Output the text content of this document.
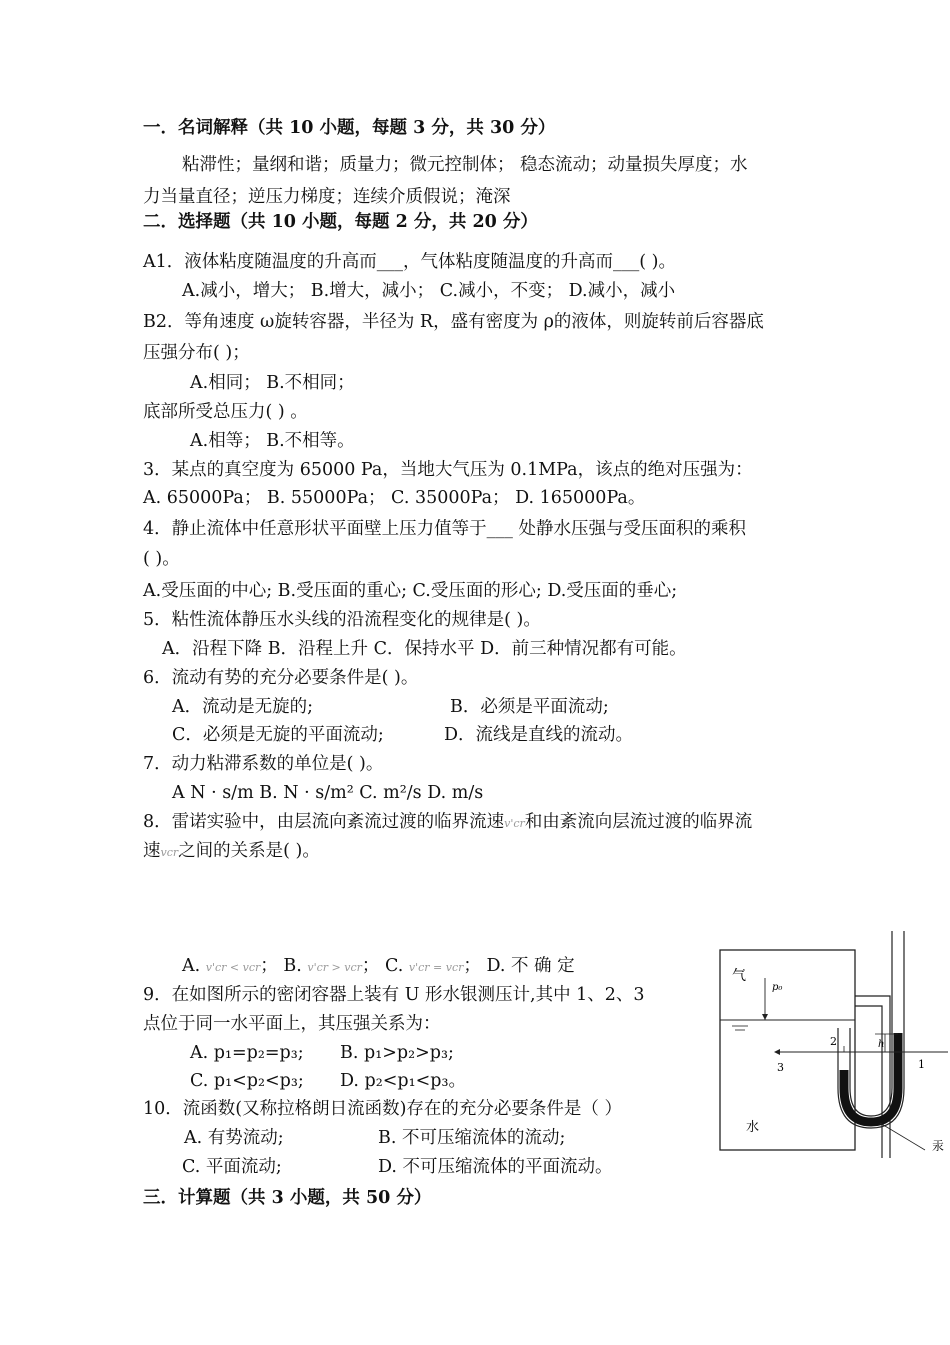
一．名词解释（共 10 小题，每题 3 分，共 30 分）
粘滞性；量纲和谐；质量力；微元控制体； 稳态流动；动量损失厚度；水
力当量直径；逆压力梯度；连续介质假说；淹深
二．选择题（共 10 小题，每题 2 分，共 20 分）
A1．液体粘度随温度的升高而___，气体粘度随温度的升高而___( )。
A.减小，增大； B.增大，减小； C.减小，不变； D.减小，减小
B2．等角速度 ω旋转容器，半径为 R，盛有密度为 ρ的液体，则旋转前后容器底
压强分布( )；
A.相同； B.不相同；
底部所受总压力( ) 。
A.相等； B.不相等。
3．某点的真空度为 65000 Pa，当地大气压为 0.1MPa，该点的绝对压强为：
A. 65000Pa； B. 55000Pa； C. 35000Pa； D. 165000Pa。
4．静止流体中任意形状平面壁上压力值等于___ 处静水压强与受压面积的乘积
( )。
A.受压面的中心; B.受压面的重心; C.受压面的形心; D.受压面的垂心;
5．粘性流体静压水头线的沿流程变化的规律是( )。
A．沿程下降 B．沿程上升 C．保持水平 D．前三种情况都有可能。
6．流动有势的充分必要条件是( )。
A．流动是无旋的;	B．必须是平面流动;
C．必须是无旋的平面流动;	D．流线是直线的流动。
7．动力粘滞系数的单位是( )。
A N · s/m B. N · s/m² C. m²/s D. m/s
8．雷诺实验中，由层流向紊流过渡的临界流速v'cr和由紊流向层流过渡的临界流
速vcr之间的关系是( )。
A. v'cr < vcr； B. v'cr > vcr； C. v'cr = vcr； D. 不 确 定
9．在如图所示的密闭容器上装有 U 形水银测压计,其中 1、2、3
点位于同一水平面上，其压强关系为：
A. p₁=p₂=p₃; B. p₁>p₂>p₃;
C. p₁<p₂<p₃; D. p₂<p₁<p₃。
10．流函数(又称拉格朗日流函数)存在的充分必要条件是（ ）
A. 有势流动;	B. 不可压缩流体的流动;
C. 平面流动;	D. 不可压缩流体的平面流动。
三．计算题（共 3 小题，共 50 分）
气
p₀
水
1
2
3
h
汞
